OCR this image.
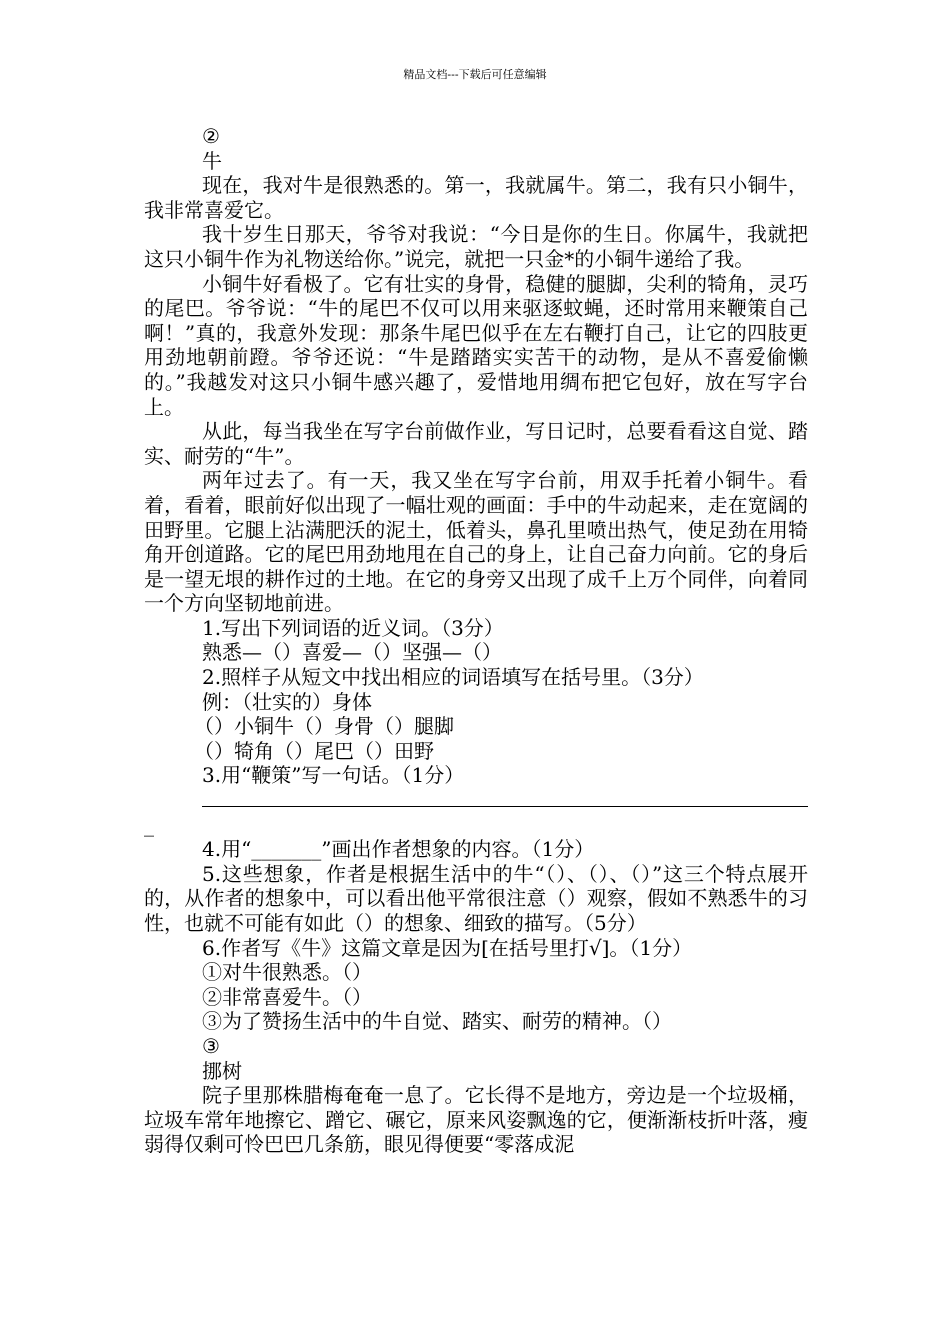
精品文档---下载后可任意编辑

②

牛

现在，我对牛是很熟悉的。第一，我就属牛。第二，我有只小铜牛，我非常喜爱它。

我十岁生日那天，爷爷对我说：“今日是你的生日。你属牛，我就把这只小铜牛作为礼物送给你。”说完，就把一只金*的小铜牛递给了我。

小铜牛好看极了。它有壮实的身骨，稳健的腿脚，尖利的犄角，灵巧的尾巴。爷爷说：“牛的尾巴不仅可以用来驱逐蚊蝇，还时常用来鞭策自己啊！”真的，我意外发现：那条牛尾巴似乎在左右鞭打自己，让它的四肢更用劲地朝前蹬。爷爷还说：“牛是踏踏实实苦干的动物，是从不喜爱偷懒的。”我越发对这只小铜牛感兴趣了，爱惜地用绸布把它包好，放在写字台上。

从此，每当我坐在写字台前做作业，写日记时，总要看看这自觉、踏实、耐劳的“牛”。

两年过去了。有一天，我又坐在写字台前，用双手托着小铜牛。看着，看着，眼前好似出现了一幅壮观的画面：手中的牛动起来，走在宽阔的田野里。它腿上沾满肥沃的泥土，低着头，鼻孔里喷出热气，使足劲在用犄角开创道路。它的尾巴用劲地甩在自己的身上，让自己奋力向前。它的身后是一望无垠的耕作过的土地。在它的身旁又出现了成千上万个同伴，向着同一个方向坚韧地前进。

1.写出下列词语的近义词。（3分）

熟悉—（）喜爱—（）坚强—（）

2.照样子从短文中找出相应的词语填写在括号里。（3分）

例：（壮实的）身体

（）小铜牛（）身骨（）腿脚

（）犄角（）尾巴（）田野

3.用“鞭策”写一句话。（1分）

_

4.用“_______”画出作者想象的内容。（1分）

5.这些想象，作者是根据生活中的牛“（）、（）、（）”这三个特点展开的，从作者的想象中，可以看出他平常很注意（）观察，假如不熟悉牛的习性，也就不可能有如此（）的想象、细致的描写。（5分）

6.作者写《牛》这篇文章是因为[在括号里打√]。（1分）

①对牛很熟悉。（）

②非常喜爱牛。（）

③为了赞扬生活中的牛自觉、踏实、耐劳的精神。（）

③

挪树

院子里那株腊梅奄奄一息了。它长得不是地方，旁边是一个垃圾桶，垃圾车常年地擦它、蹭它、碾它，原来风姿飘逸的它，便渐渐枝折叶落，瘦弱得仅剩可怜巴巴几条筋，眼见得便要“零落成泥
